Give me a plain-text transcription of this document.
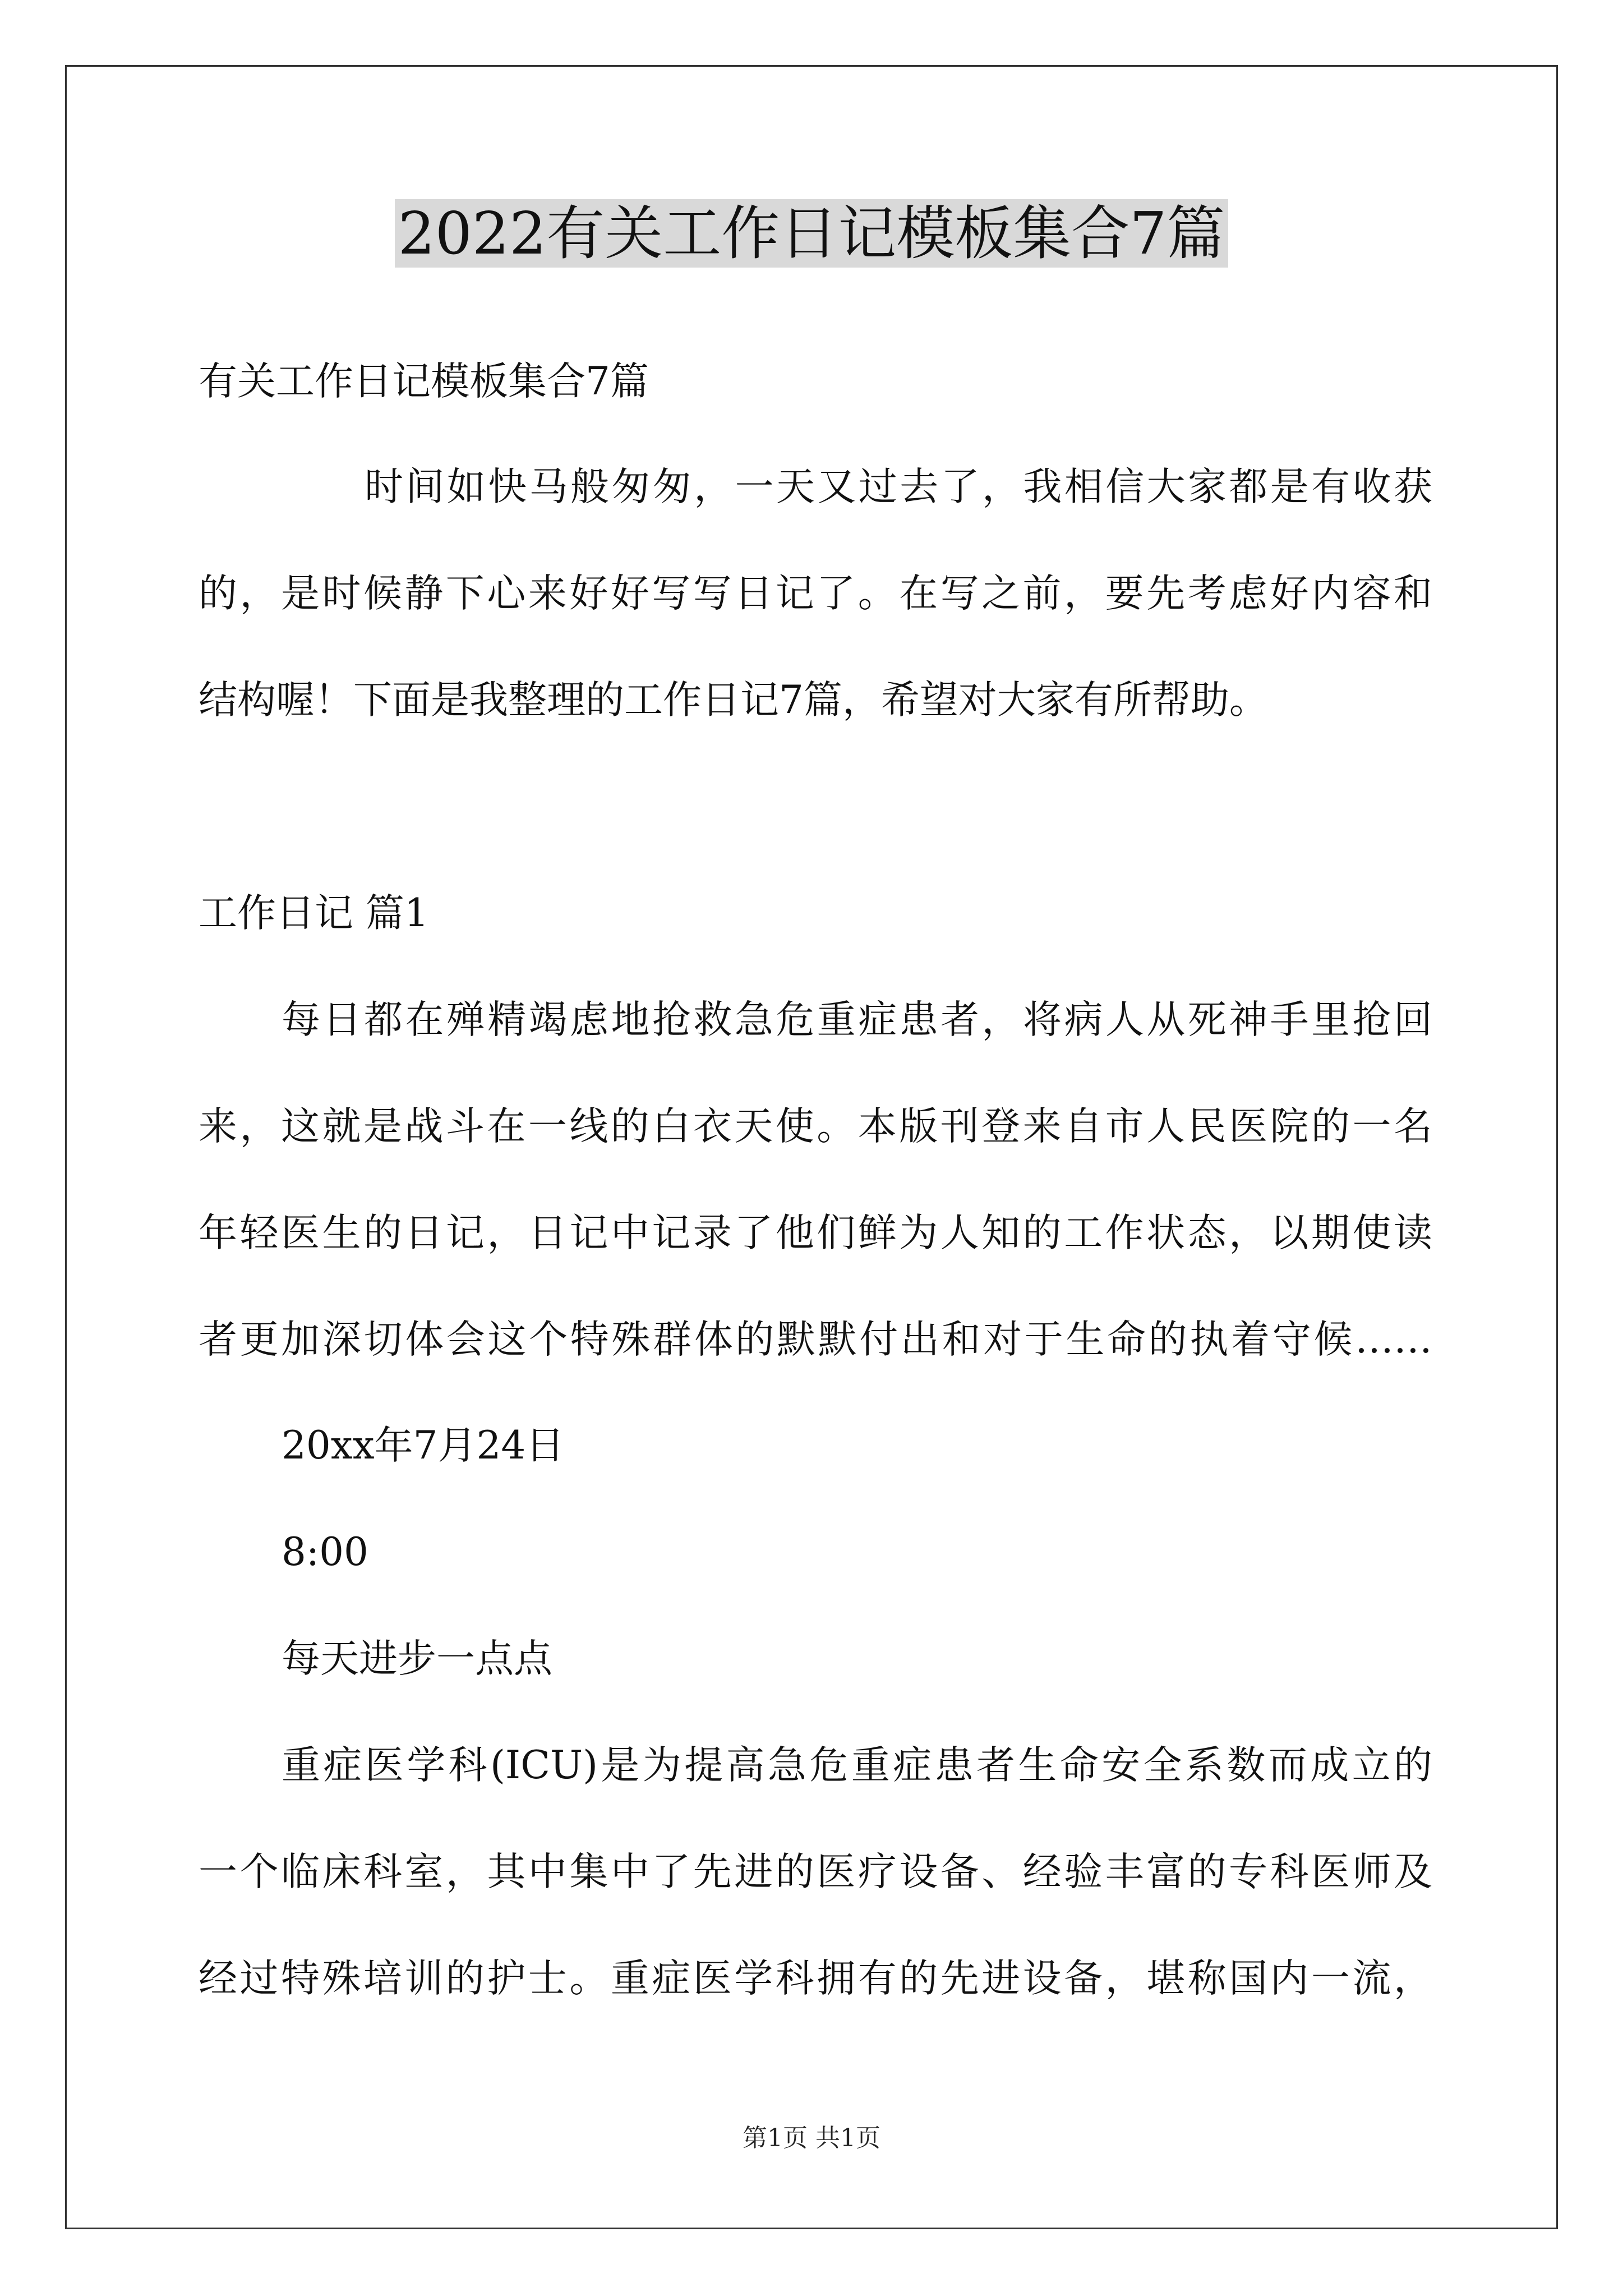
2022有关工作日记模板集合7篇
有关工作日记模板集合7篇
时间如快马般匆匆，一天又过去了，我相信大家都是有收获
的，是时候静下心来好好写写日记了。在写之前，要先考虑好内容和
结构喔！下面是我整理的工作日记7篇，希望对大家有所帮助。
工作日记 篇1
每日都在殚精竭虑地抢救急危重症患者，将病人从死神手里抢回
来，这就是战斗在一线的白衣天使。本版刊登来自市人民医院的一名
年轻医生的日记，日记中记录了他们鲜为人知的工作状态，以期使读
者更加深切体会这个特殊群体的默默付出和对于生命的执着守候……
20xx年7月24日
8:00
每天进步一点点
重症医学科(ICU)是为提高急危重症患者生命安全系数而成立的
一个临床科室，其中集中了先进的医疗设备、经验丰富的专科医师及
经过特殊培训的护士。重症医学科拥有的先进设备，堪称国内一流，
第1页 共1页
